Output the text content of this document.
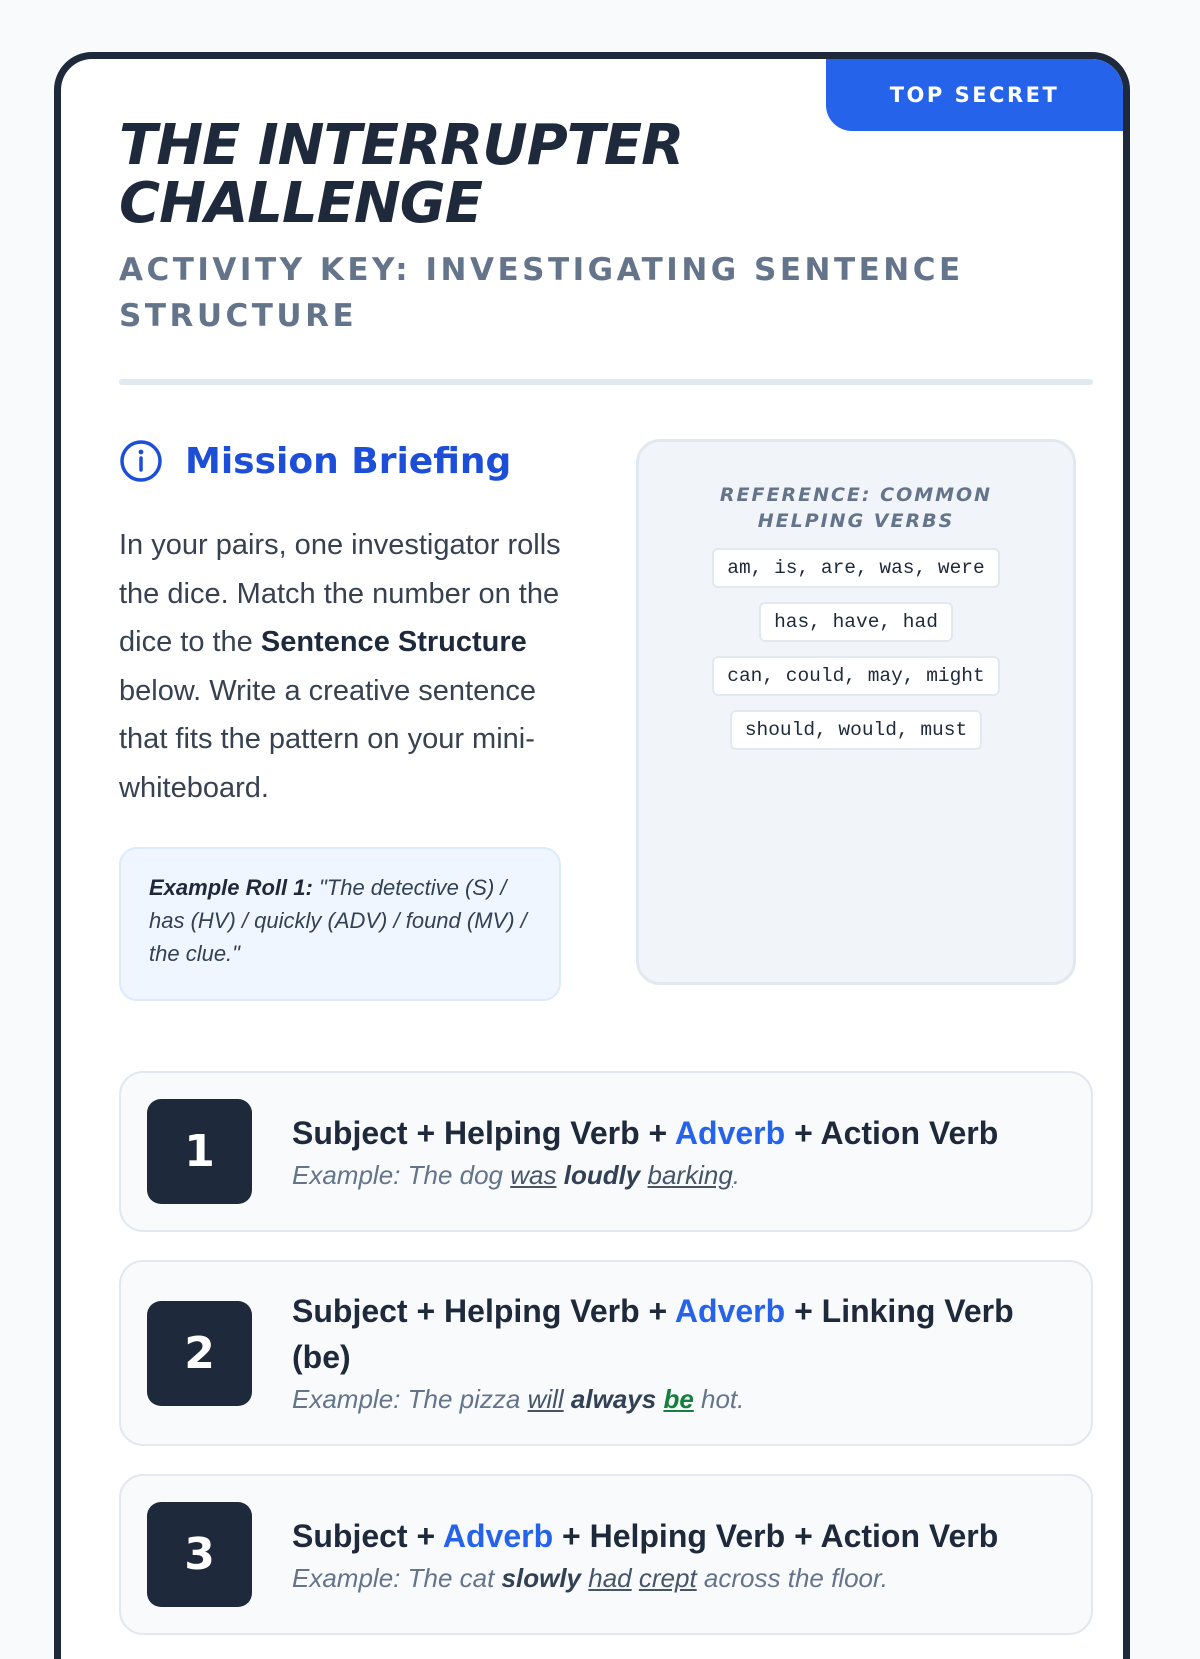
TOP SECRET
THE INTERRUPTER CHALLENGE
ACTIVITY KEY: INVESTIGATING SENTENCE STRUCTURE
Mission Briefing
In your pairs, one investigator rolls the dice. Match the number on the dice to the Sentence Structure below. Write a creative sentence that fits the pattern on your mini-whiteboard.
Example Roll 1: "The detective (S) / has (HV) / quickly (ADV) / found (MV) / the clue."
REFERENCE: COMMON HELPING VERBS
am, is, are, was, were
has, have, had
can, could, may, might
should, would, must
1	Subject + Helping Verb + Adverb + Action Verb
Example: The dog was loudly barking.
2
Subject + Helping Verb + Adverb + Linking Verb (be)
Example: The pizza will always be hot.
3	Subject + Adverb + Helping Verb + Action Verb
Example: The cat slowly had crept across the floor.
